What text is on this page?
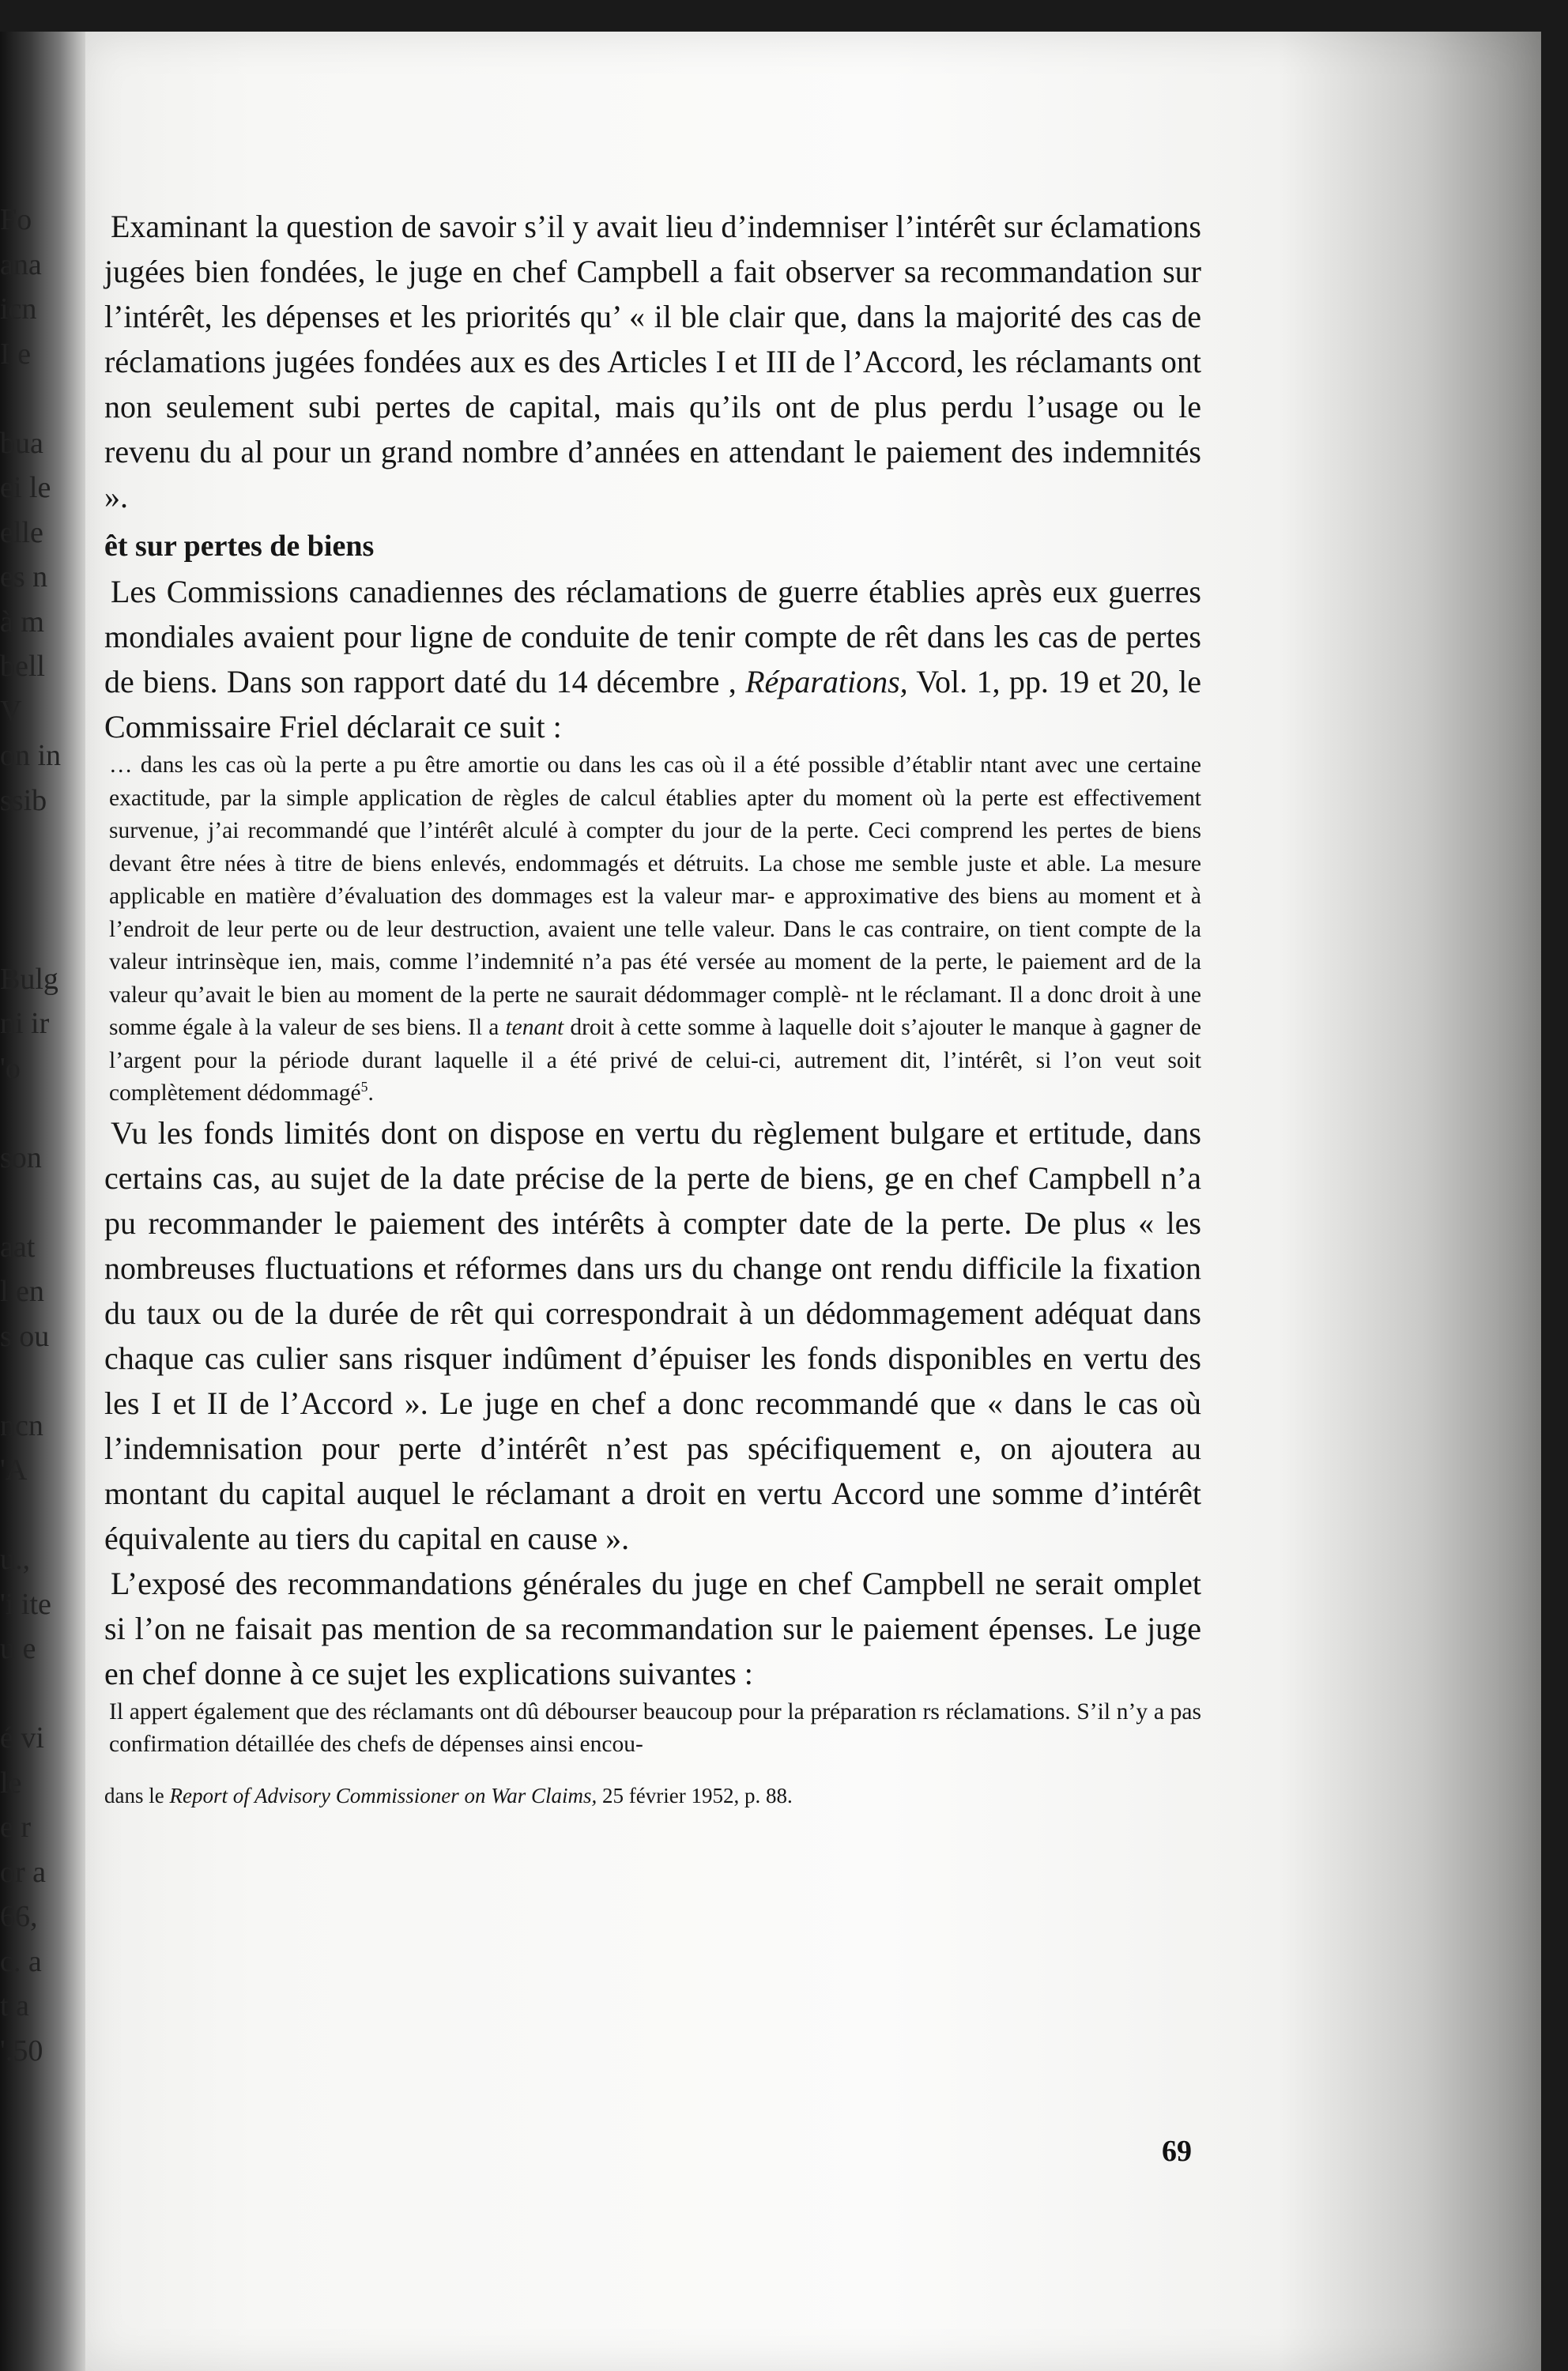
Fo
ana
icn
I e
bua
ei le
elle
es n
à m
bell
V
on in
ssib
Bulg
ni ir
'o
son
aat
l en
s ou
ncn
'A
u.,
'i ite
u e
é vi
le
e r
or a
66,
c. a
t a
'.50

Examinant la question de savoir s’il y avait lieu d’indemniser l’intérêt sur éclamations jugées bien fondées, le juge en chef Campbell a fait observer sa recommandation sur l’intérêt, les dépenses et les priorités qu’ « il ble clair que, dans la majorité des cas de réclamations jugées fondées aux es des Articles I et III de l’Accord, les réclamants ont non seulement subi pertes de capital, mais qu’ils ont de plus perdu l’usage ou le revenu du al pour un grand nombre d’années en attendant le paiement des indemnités ».

êt sur pertes de biens

Les Commissions canadiennes des réclamations de guerre établies après eux guerres mondiales avaient pour ligne de conduite de tenir compte de rêt dans les cas de pertes de biens. Dans son rapport daté du 14 décembre , Réparations, Vol. 1, pp. 19 et 20, le Commissaire Friel déclarait ce suit :

… dans les cas où la perte a pu être amortie ou dans les cas où il a été possible d’établir ntant avec une certaine exactitude, par la simple application de règles de calcul établies apter du moment où la perte est effectivement survenue, j’ai recommandé que l’intérêt alculé à compter du jour de la perte. Ceci comprend les pertes de biens devant être nées à titre de biens enlevés, endommagés et détruits. La chose me semble juste et able. La mesure applicable en matière d’évaluation des dommages est la valeur mar- e approximative des biens au moment et à l’endroit de leur perte ou de leur destruction, avaient une telle valeur. Dans le cas contraire, on tient compte de la valeur intrinsèque ien, mais, comme l’indemnité n’a pas été versée au moment de la perte, le paiement ard de la valeur qu’avait le bien au moment de la perte ne saurait dédommager complè- nt le réclamant. Il a donc droit à une somme égale à la valeur de ses biens. Il a tenant droit à cette somme à laquelle doit s’ajouter le manque à gagner de l’argent pour la période durant laquelle il a été privé de celui-ci, autrement dit, l’intérêt, si l’on veut soit complètement dédommagé$^5$.

Vu les fonds limités dont on dispose en vertu du règlement bulgare et ertitude, dans certains cas, au sujet de la date précise de la perte de biens, ge en chef Campbell n’a pu recommander le paiement des intérêts à compter date de la perte. De plus « les nombreuses fluctuations et réformes dans urs du change ont rendu difficile la fixation du taux ou de la durée de rêt qui correspondrait à un dédommagement adéquat dans chaque cas culier sans risquer indûment d’épuiser les fonds disponibles en vertu des les I et II de l’Accord ». Le juge en chef a donc recommandé que « dans le cas où l’indemnisation pour perte d’intérêt n’est pas spécifiquement e, on ajoutera au montant du capital auquel le réclamant a droit en vertu Accord une somme d’intérêt équivalente au tiers du capital en cause ».

L’exposé des recommandations générales du juge en chef Campbell ne serait omplet si l’on ne faisait pas mention de sa recommandation sur le paiement épenses. Le juge en chef donne à ce sujet les explications suivantes :

Il appert également que des réclamants ont dû débourser beaucoup pour la préparation rs réclamations. S’il n’y a pas confirmation détaillée des chefs de dépenses ainsi encou-

dans le Report of Advisory Commissioner on War Claims, 25 février 1952, p. 88.

69
